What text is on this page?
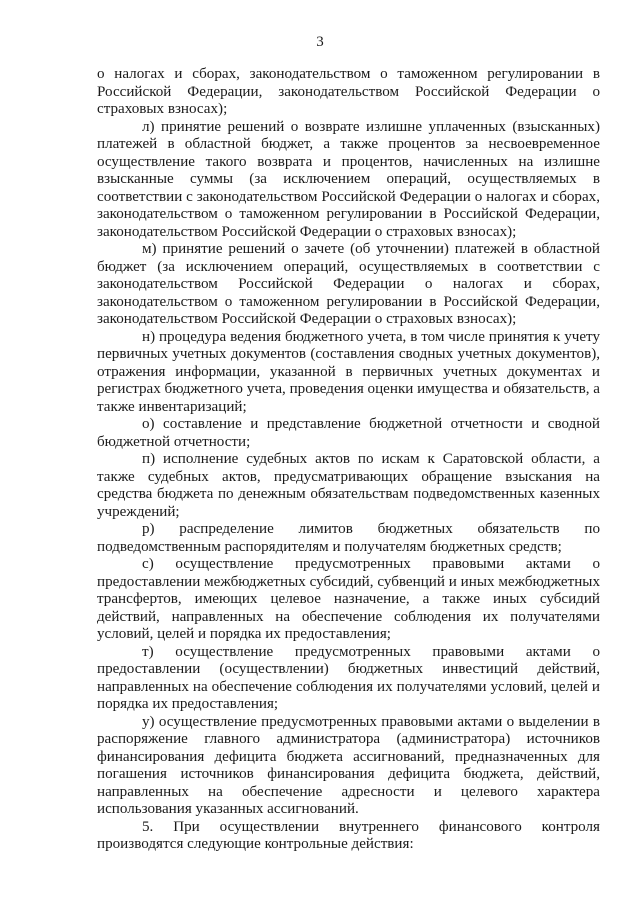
3

о налогах и сборах, законодательством о таможенном регулировании в Российской Федерации, законодательством Российской Федерации о страховых взносах);

л) принятие решений о возврате излишне уплаченных (взысканных) платежей в областной бюджет, а также процентов за несвоевременное осуществление такого возврата и процентов, начисленных на излишне взысканные суммы (за исключением операций, осуществляемых в соответствии с законодательством Российской Федерации о налогах и сборах, законодательством о таможенном регулировании в Российской Федерации, законодательством Российской Федерации о страховых взносах);

м) принятие решений о зачете (об уточнении) платежей в областной бюджет (за исключением операций, осуществляемых в соответствии с законодательством Российской Федерации о налогах и сборах, законодательством о таможенном регулировании в Российской Федерации, законодательством Российской Федерации о страховых взносах);

н) процедура ведения бюджетного учета, в том числе принятия к учету первичных учетных документов (составления сводных учетных документов), отражения информации, указанной в первичных учетных документах и регистрах бюджетного учета, проведения оценки имущества и обязательств, а также инвентаризаций;

о) составление и представление бюджетной отчетности и сводной бюджетной отчетности;

п) исполнение судебных актов по искам к Саратовской области, а также судебных актов, предусматривающих обращение взыскания на средства бюджета по денежным обязательствам подведомственных казенных учреждений;

р) распределение лимитов бюджетных обязательств по подведомственным распорядителям и получателям бюджетных средств;

с) осуществление предусмотренных правовыми актами о предоставлении межбюджетных субсидий, субвенций и иных межбюджетных трансфертов, имеющих целевое назначение, а также иных субсидий действий, направленных на обеспечение соблюдения их получателями условий, целей и порядка их предоставления;

т) осуществление предусмотренных правовыми актами о предоставлении (осуществлении) бюджетных инвестиций действий, направленных на обеспечение соблюдения их получателями условий, целей и порядка их предоставления;

у) осуществление предусмотренных правовыми актами о выделении в распоряжение главного администратора (администратора) источников финансирования дефицита бюджета ассигнований, предназначенных для погашения источников финансирования дефицита бюджета, действий, направленных на обеспечение адресности и целевого характера использования указанных ассигнований.

5. При осуществлении внутреннего финансового контроля производятся следующие контрольные действия:
